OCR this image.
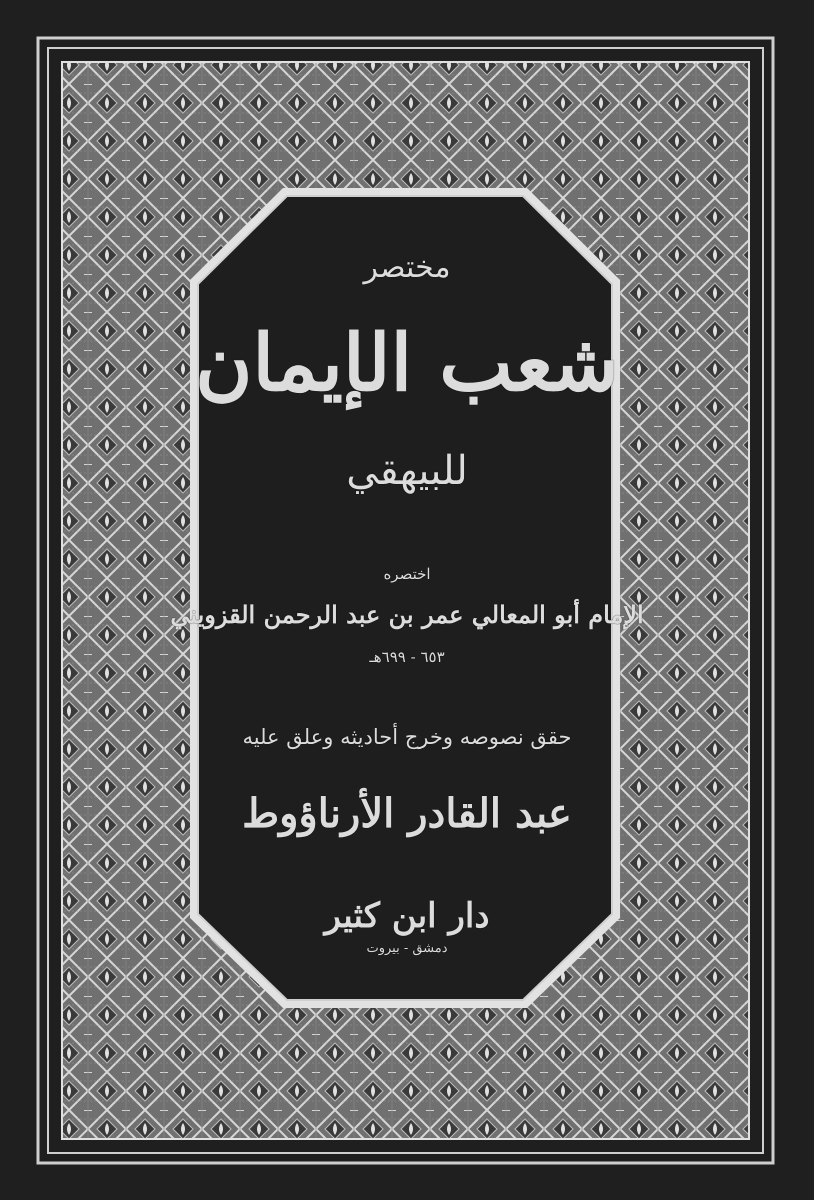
مختصر
شعب الإيمان
للبيهقي
اختصره
الإمام أبو المعالي عمر بن عبد الرحمن القزويني
٦٥٣ - ٦٩٩هـ
حقق نصوصه وخرج أحاديثه وعلق عليه
عبد القادر الأرناؤوط
دار ابن كثير
دمشق - بيروت
